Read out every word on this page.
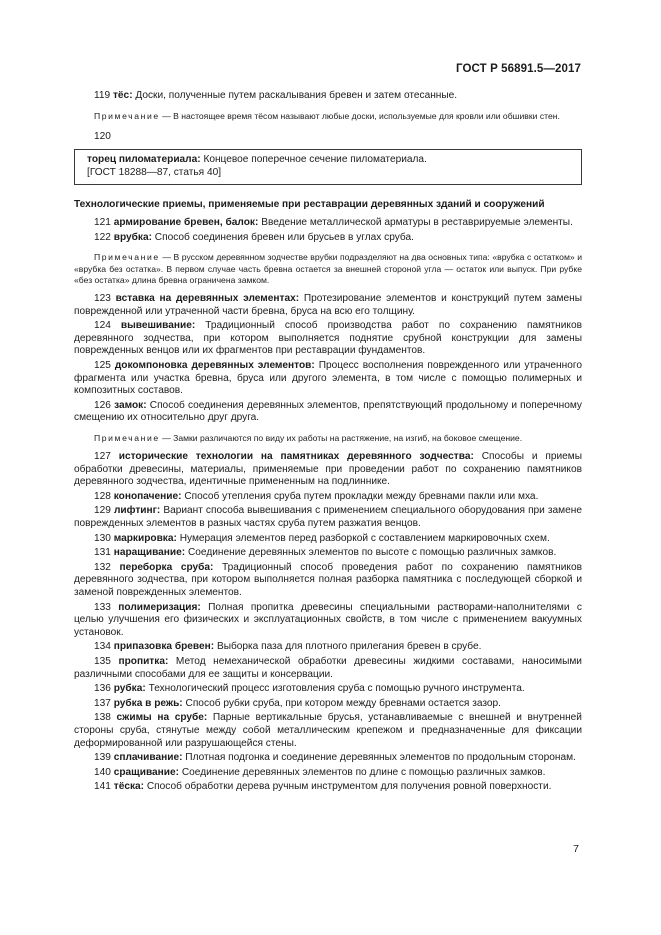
ГОСТ Р 56891.5—2017

119 тёс: Доски, полученные путем раскалывания бревен и затем отесанные.

Примечание — В настоящее время тёсом называют любые доски, используемые для кровли или обшивки стен.

120

торец пиломатериала: Концевое поперечное сечение пиломатериала.

[ГОСТ 18288—87, статья 40]

Технологические приемы, применяемые при реставрации деревянных зданий и сооружений

121 армирование бревен, балок: Введение металлической арматуры в реставрируемые элементы.

122 врубка: Способ соединения бревен или брусьев в углах сруба.

Примечание — В русском деревянном зодчестве врубки подразделяют на два основных типа: «врубка с остатком» и «врубка без остатка». В первом случае часть бревна остается за внешней стороной угла — остаток или выпуск. При рубке «без остатка» длина бревна ограничена замком.

123 вставка на деревянных элементах: Протезирование элементов и конструкций путем замены поврежденной или утраченной части бревна, бруса на всю его толщину.

124 вывешивание: Традиционный способ производства работ по сохранению памятников деревянного зодчества, при котором выполняется поднятие срубной конструкции для замены поврежденных венцов или их фрагментов при реставрации фундаментов.

125 докомпоновка деревянных элементов: Процесс восполнения поврежденного или утраченного фрагмента или участка бревна, бруса или другого элемента, в том числе с помощью полимерных и композитных составов.

126 замок: Способ соединения деревянных элементов, препятствующий продольному и поперечному смещению их относительно друг друга.

Примечание — Замки различаются по виду их работы на растяжение, на изгиб, на боковое смещение.

127 исторические технологии на памятниках деревянного зодчества: Способы и приемы обработки древесины, материалы, применяемые при проведении работ по сохранению памятников деревянного зодчества, идентичные примененным на подлиннике.

128 конопачение: Способ утепления сруба путем прокладки между бревнами пакли или мха.

129 лифтинг: Вариант способа вывешивания с применением специального оборудования при замене поврежденных элементов в разных частях сруба путем разжатия венцов.

130 маркировка: Нумерация элементов перед разборкой с составлением маркировочных схем.

131 наращивание: Соединение деревянных элементов по высоте с помощью различных замков.

132 переборка сруба: Традиционный способ проведения работ по сохранению памятников деревянного зодчества, при котором выполняется полная разборка памятника с последующей сборкой и заменой поврежденных элементов.

133 полимеризация: Полная пропитка древесины специальными растворами-наполнителями с целью улучшения его физических и эксплуатационных свойств, в том числе с применением вакуумных установок.

134 припазовка бревен: Выборка паза для плотного прилегания бревен в срубе.

135 пропитка: Метод немеханической обработки древесины жидкими составами, наносимыми различными способами для ее защиты и консервации.

136 рубка: Технологический процесс изготовления сруба с помощью ручного инструмента.

137 рубка в режь: Способ рубки сруба, при котором между бревнами остается зазор.

138 сжимы на срубе: Парные вертикальные брусья, устанавливаемые с внешней и внутренней стороны сруба, стянутые между собой металлическим крепежом и предназначенные для фиксации деформированной или разрушающейся стены.

139 сплачивание: Плотная подгонка и соединение деревянных элементов по продольным сторонам.

140 сращивание: Соединение деревянных элементов по длине с помощью различных замков.

141 тёска: Способ обработки дерева ручным инструментом для получения ровной поверхности.

7
